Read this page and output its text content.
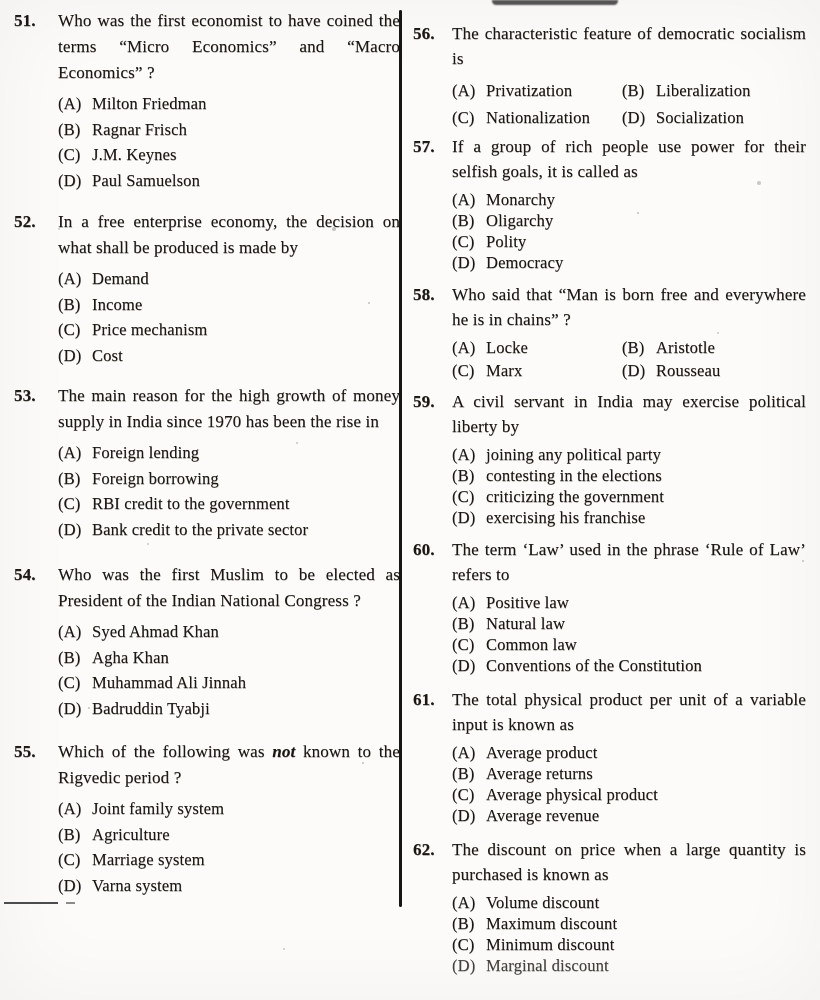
51.	Who was the first economist to have coined the terms “Micro Economics” and “Macro Economics” ?
(A) Milton Friedman
(B) Ragnar Frisch
(C) J.M. Keynes
(D) Paul Samuelson
52.	In a free enterprise economy, the decision on what shall be produced is made by
(A) Demand
(B) Income
(C) Price mechanism
(D) Cost
53.	The main reason for the high growth of money supply in India since 1970 has been the rise in
(A) Foreign lending
(B) Foreign borrowing
(C) RBI credit to the government
(D) Bank credit to the private sector
54.	Who was the first Muslim to be elected as President of the Indian National Congress ?
(A) Syed Ahmad Khan
(B) Agha Khan
(C) Muhammad Ali Jinnah
(D) Badruddin Tyabji
55.	Which of the following was not known to the Rigvedic period ?
(A) Joint family system
(B) Agriculture
(C) Marriage system
(D) Varna system
56.	The characteristic feature of democratic socialism is
(A) Privatization	(B) Liberalization
(C) Nationalization	(D) Socialization
57.	If a group of rich people use power for their selfish goals, it is called as
(A) Monarchy
(B) Oligarchy
(C) Polity
(D) Democracy
58.	Who said that “Man is born free and everywhere he is in chains” ?
(A) Locke	(B) Aristotle
(C) Marx	(D) Rousseau
59.	A civil servant in India may exercise political liberty by
(A) joining any political party
(B) contesting in the elections
(C) criticizing the government
(D) exercising his franchise
60.	The term ‘Law’ used in the phrase ‘Rule of Law’ refers to
(A) Positive law
(B) Natural law
(C) Common law
(D) Conventions of the Constitution
61.	The total physical product per unit of a variable input is known as
(A) Average product
(B) Average returns
(C) Average physical product
(D) Average revenue
62.	The discount on price when a large quantity is purchased is known as
(A) Volume discount
(B) Maximum discount
(C) Minimum discount
(D) Marginal discount
